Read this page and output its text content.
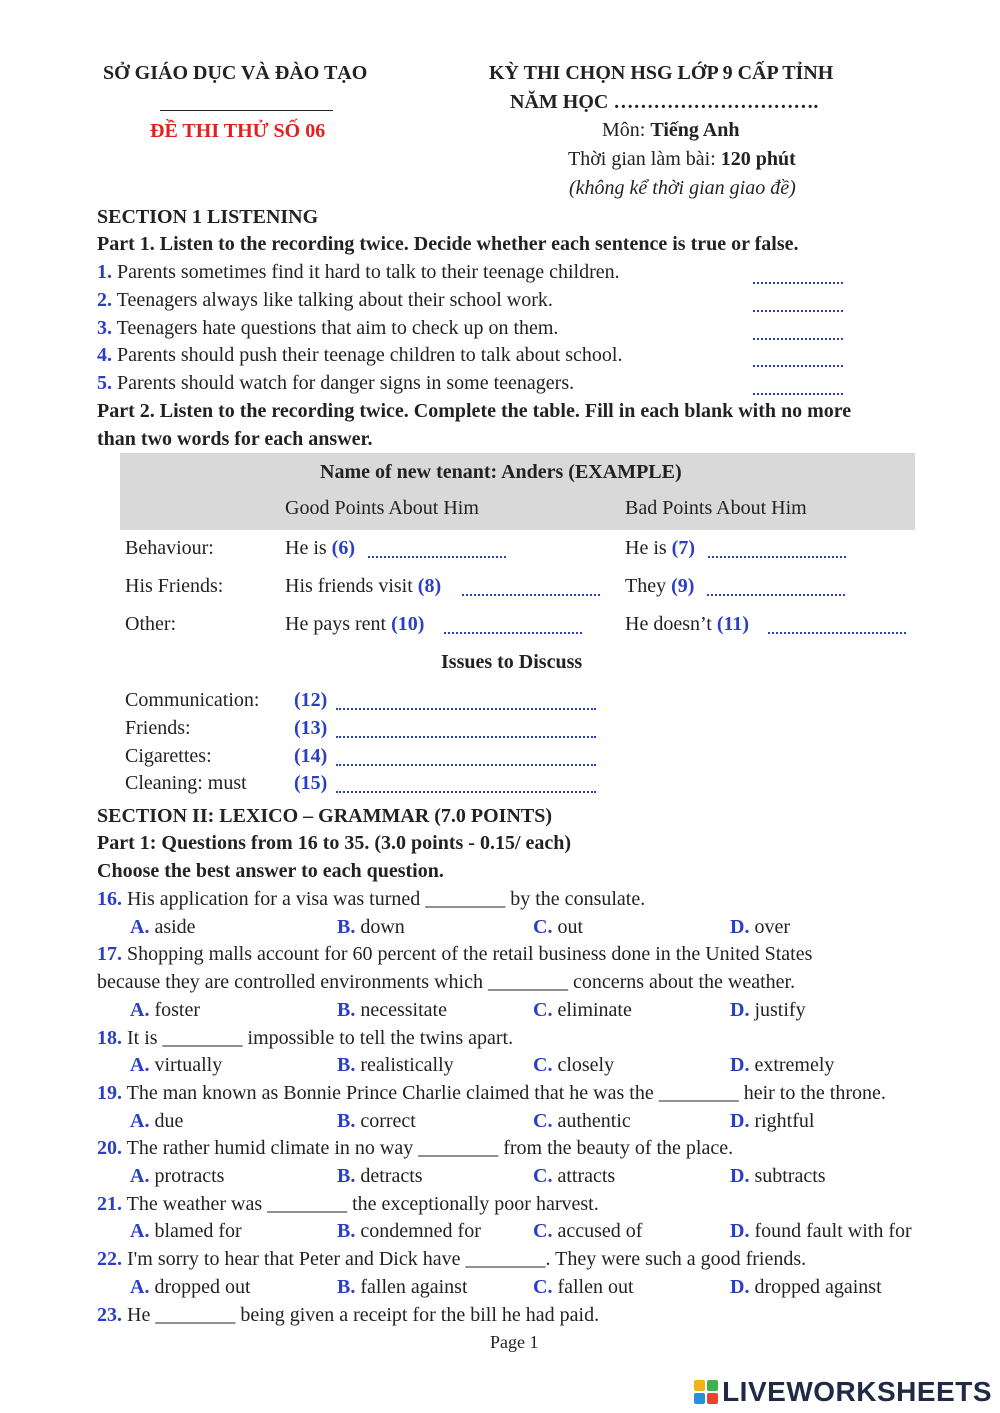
SỞ GIÁO DỤC VÀ ĐÀO TẠO
ĐỀ THI THỬ SỐ 06
KỲ THI CHỌN HSG LỚP 9 CẤP TỈNH
NĂM HỌC ………………………….
Môn: Tiếng Anh
Thời gian làm bài: 120 phút
(không kể thời gian giao đề)
SECTION 1 LISTENING
Part 1. Listen to the recording twice. Decide whether each sentence is true or false.
1. Parents sometimes find it hard to talk to their teenage children.
2. Teenagers always like talking about their school work.
3. Teenagers hate questions that aim to check up on them.
4. Parents should push their teenage children to talk about school.
5. Parents should watch for danger signs in some teenagers.
Part 2. Listen to the recording twice. Complete the table. Fill in each blank with no more
than two words for each answer.
Name of new tenant: Anders (EXAMPLE)
Good Points About Him	Bad Points About Him
Behaviour:	He is (6)	He is (7)
His Friends:	His friends visit (8)	They (9)
Other:	He pays rent (10)	He doesn’t (11)
Issues to Discuss
Communication: (12)
Friends:	(13)
Cigarettes:	(14)
Cleaning: must (15)
SECTION II: LEXICO – GRAMMAR (7.0 POINTS)
Part 1: Questions from 16 to 35. (3.0 points - 0.15/ each)
Choose the best answer to each question.
16. His application for a visa was turned ________ by the consulate.
A. aside	B. down	C. out	D. over
17. Shopping malls account for 60 percent of the retail business done in the United States
because they are controlled environments which ________ concerns about the weather.
A. foster	B. necessitate	C. eliminate	D. justify
18. It is ________ impossible to tell the twins apart.
A. virtually	B. realistically	C. closely	D. extremely
19. The man known as Bonnie Prince Charlie claimed that he was the ________ heir to the throne.
A. due	B. correct	C. authentic	D. rightful
20. The rather humid climate in no way ________ from the beauty of the place.
A. protracts	B. detracts	C. attracts	D. subtracts
21. The weather was ________ the exceptionally poor harvest.
A. blamed for	B. condemned for	C. accused of	D. found fault with for
22. I'm sorry to hear that Peter and Dick have ________. They were such a good friends.
A. dropped out	B. fallen against	C. fallen out	D. dropped against
23. He ________ being given a receipt for the bill he had paid.
Page 1
LIVEWORKSHEETS
